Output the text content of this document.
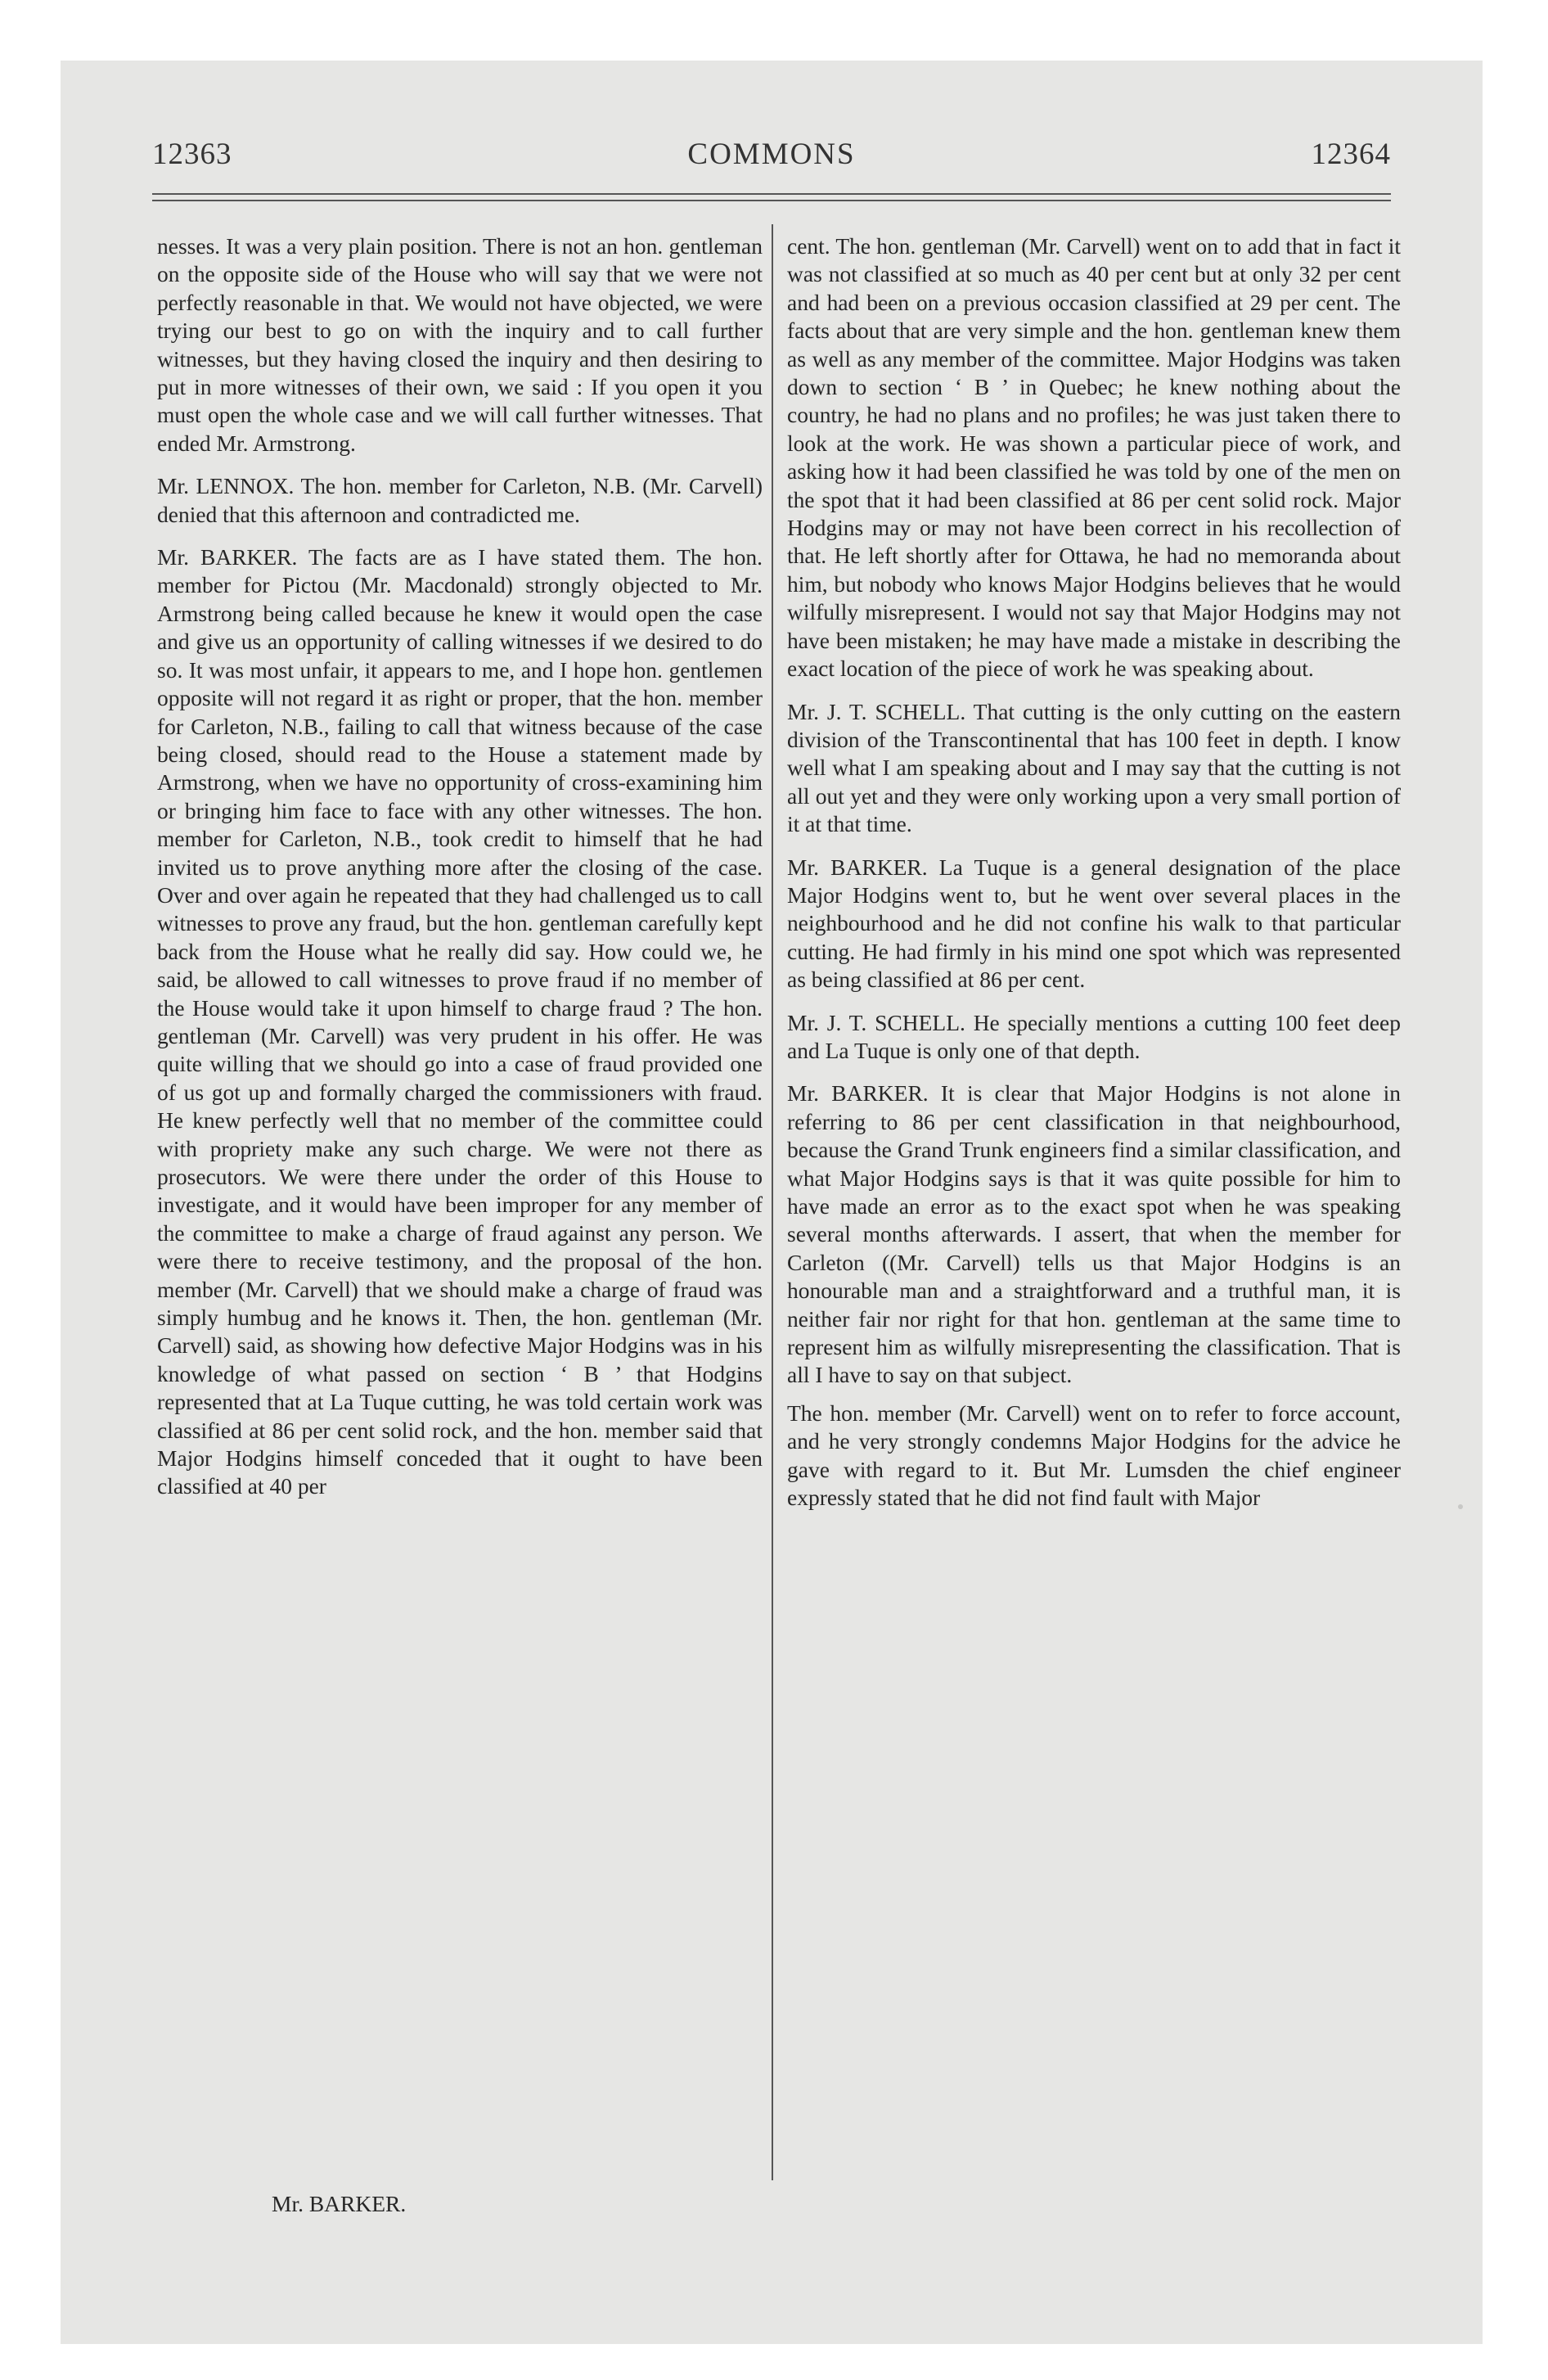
12363	COMMONS	12364

nesses. It was a very plain position. There is not an hon. gentleman on the opposite side of the House who will say that we were not perfectly reasonable in that. We would not have objected, we were trying our best to go on with the inquiry and to call further witnesses, but they having closed the inquiry and then desiring to put in more witnesses of their own, we said : If you open it you must open the whole case and we will call further witnesses. That ended Mr. Armstrong.

Mr. LENNOX. The hon. member for Carleton, N.B. (Mr. Carvell) denied that this afternoon and contradicted me.

Mr. BARKER. The facts are as I have stated them. The hon. member for Pictou (Mr. Macdonald) strongly objected to Mr. Armstrong being called because he knew it would open the case and give us an opportunity of calling witnesses if we desired to do so. It was most unfair, it appears to me, and I hope hon. gentlemen opposite will not regard it as right or proper, that the hon. member for Carleton, N.B., failing to call that witness because of the case being closed, should read to the House a statement made by Armstrong, when we have no opportunity of cross-examining him or bringing him face to face with any other witnesses. The hon. member for Carleton, N.B., took credit to himself that he had invited us to prove anything more after the closing of the case. Over and over again he repeated that they had challenged us to call witnesses to prove any fraud, but the hon. gentleman carefully kept back from the House what he really did say. How could we, he said, be allowed to call witnesses to prove fraud if no member of the House would take it upon himself to charge fraud ? The hon. gentleman (Mr. Carvell) was very prudent in his offer. He was quite willing that we should go into a case of fraud provided one of us got up and formally charged the commissioners with fraud. He knew perfectly well that no member of the committee could with propriety make any such charge. We were not there as prosecutors. We were there under the order of this House to investigate, and it would have been improper for any member of the committee to make a charge of fraud against any person. We were there to receive testimony, and the proposal of the hon. member (Mr. Carvell) that we should make a charge of fraud was simply humbug and he knows it. Then, the hon. gentleman (Mr. Carvell) said, as showing how defective Major Hodgins was in his knowledge of what passed on section ‘ B ’ that Hodgins represented that at La Tuque cutting, he was told certain work was classified at 86 per cent solid rock, and the hon. member said that Major Hodgins himself conceded that it ought to have been classified at 40 per

cent. The hon. gentleman (Mr. Carvell) went on to add that in fact it was not classified at so much as 40 per cent but at only 32 per cent and had been on a previous occasion classified at 29 per cent. The facts about that are very simple and the hon. gentleman knew them as well as any member of the committee. Major Hodgins was taken down to section ‘ B ’ in Quebec; he knew nothing about the country, he had no plans and no profiles; he was just taken there to look at the work. He was shown a particular piece of work, and asking how it had been classified he was told by one of the men on the spot that it had been classified at 86 per cent solid rock. Major Hodgins may or may not have been correct in his recollection of that. He left shortly after for Ottawa, he had no memoranda about him, but nobody who knows Major Hodgins believes that he would wilfully misrepresent. I would not say that Major Hodgins may not have been mistaken; he may have made a mistake in describing the exact location of the piece of work he was speaking about.

Mr. J. T. SCHELL. That cutting is the only cutting on the eastern division of the Transcontinental that has 100 feet in depth. I know well what I am speaking about and I may say that the cutting is not all out yet and they were only working upon a very small portion of it at that time.

Mr. BARKER. La Tuque is a general designation of the place Major Hodgins went to, but he went over several places in the neighbourhood and he did not confine his walk to that particular cutting. He had firmly in his mind one spot which was represented as being classified at 86 per cent.

Mr. J. T. SCHELL. He specially mentions a cutting 100 feet deep and La Tuque is only one of that depth.

Mr. BARKER. It is clear that Major Hodgins is not alone in referring to 86 per cent classification in that neighbourhood, because the Grand Trunk engineers find a similar classification, and what Major Hodgins says is that it was quite possible for him to have made an error as to the exact spot when he was speaking several months afterwards. I assert, that when the member for Carleton ((Mr. Carvell) tells us that Major Hodgins is an honourable man and a straightforward and a truthful man, it is neither fair nor right for that hon. gentleman at the same time to represent him as wilfully misrepresenting the classification. That is all I have to say on that subject.

The hon. member (Mr. Carvell) went on to refer to force account, and he very strongly condemns Major Hodgins for the advice he gave with regard to it. But Mr. Lumsden the chief engineer expressly stated that he did not find fault with Major

Mr. BARKER.
